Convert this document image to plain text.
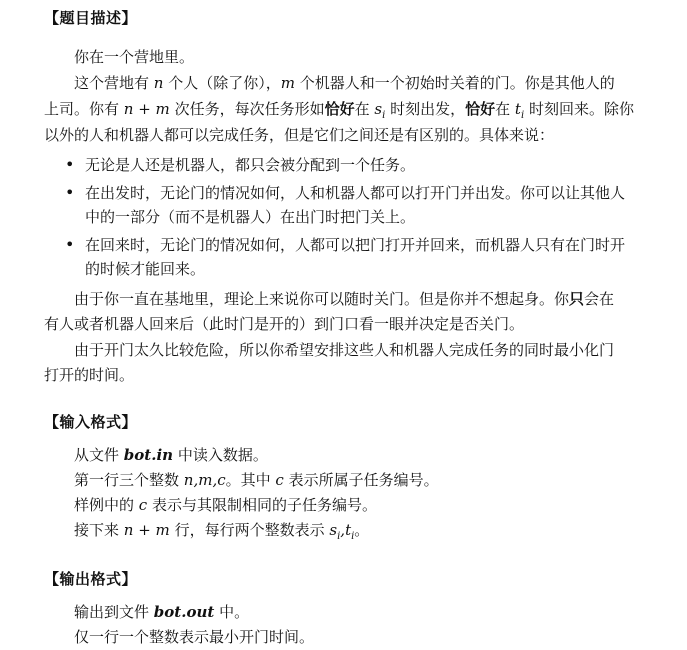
【题目描述】
你在一个营地里。
这个营地有 n 个人（除了你），m 个机器人和一个初始时关着的门。你是其他人的
上司。你有 n + m 次任务，每次任务形如恰好在 $s_i$ 时刻出发，恰好在 $t_i$ 时刻回来。除你
以外的人和机器人都可以完成任务，但是它们之间还是有区别的。具体来说：
• 无论是人还是机器人，都只会被分配到一个任务。
• 在出发时，无论门的情况如何，人和机器人都可以打开门并出发。你可以让其他人
中的一部分（而不是机器人）在出门时把门关上。
• 在回来时，无论门的情况如何，人都可以把门打开并回来，而机器人只有在门时开
的时候才能回来。
由于你一直在基地里，理论上来说你可以随时关门。但是你并不想起身。你只会在
有人或者机器人回来后（此时门是开的）到门口看一眼并决定是否关门。
由于开门太久比较危险，所以你希望安排这些人和机器人完成任务的同时最小化门
打开的时间。
【输入格式】
从文件 bot.in 中读入数据。
第一行三个整数 n,m,c。其中 c 表示所属子任务编号。
样例中的 c 表示与其限制相同的子任务编号。
接下来 n + m 行，每行两个整数表示 $s_i,t_i$。
【输出格式】
输出到文件 bot.out 中。
仅一行一个整数表示最小开门时间。
